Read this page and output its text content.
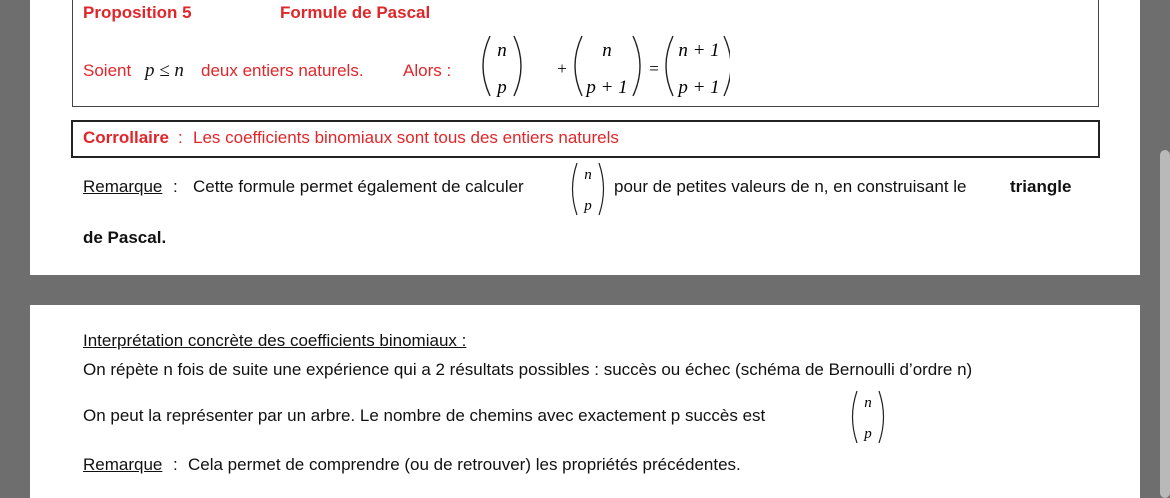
Proposition 5	Formule de Pascal
Soient p ≤ n deux entiers naturels. Alors :
n
p
+
n
p + 1
=
n + 1
p + 1
Corrollaire : Les coefficients binomiaux sont tous des entiers naturels
Remarque : Cette formule permet également de calculer
n
p
pour de petites valeurs de n, en construisant le	triangle
de Pascal.
Interprétation concrète des coefficients binomiaux :
On répète n fois de suite une expérience qui a 2 résultats possibles : succès ou échec (schéma de Bernoulli d’ordre n)
On peut la représenter par un arbre. Le nombre de chemins avec exactement p succès est
n
p
Remarque : Cela permet de comprendre (ou de retrouver) les propriétés précédentes.
